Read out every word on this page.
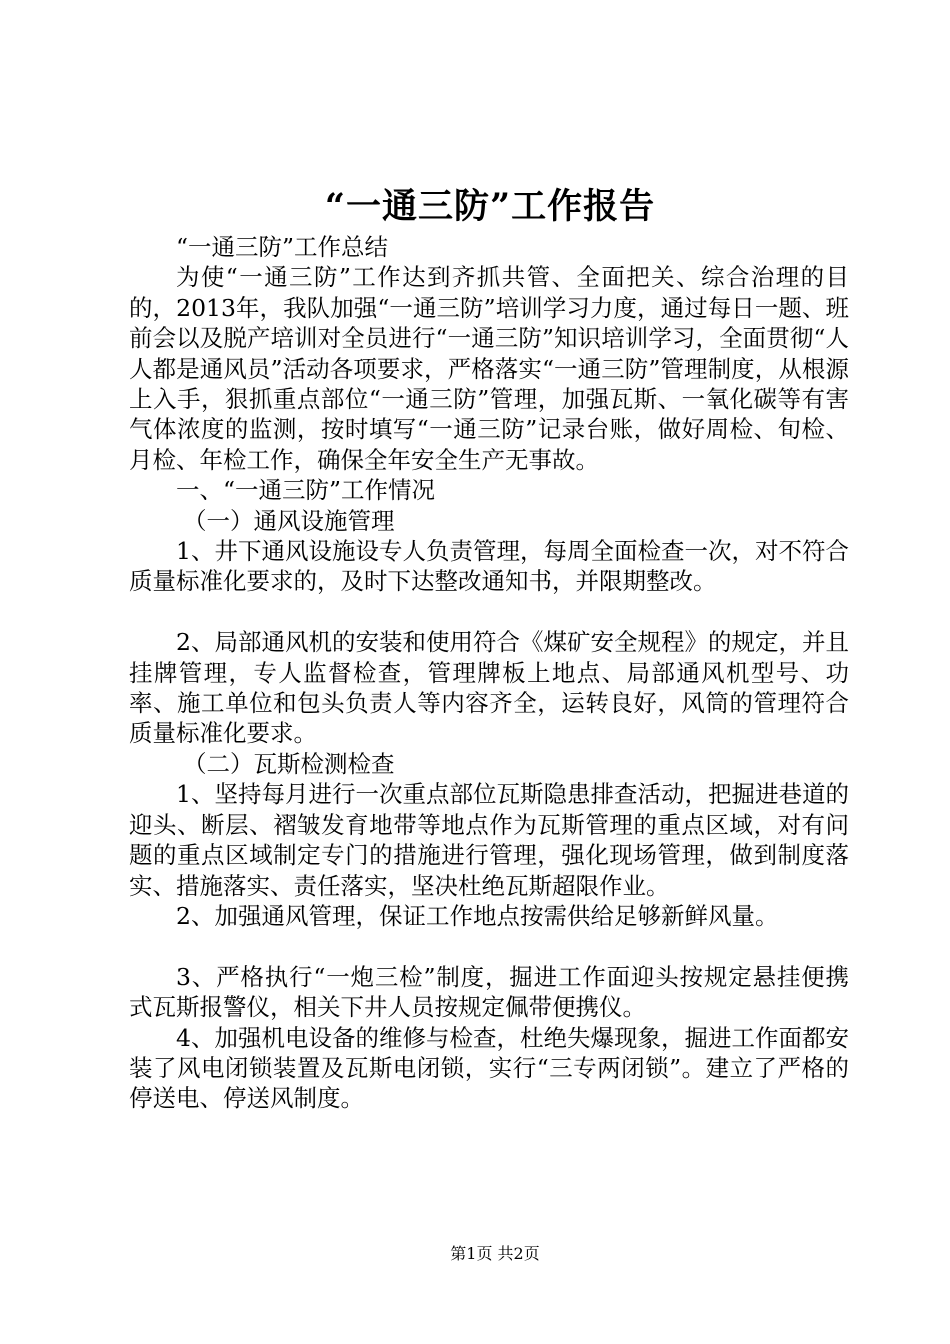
“一通三防”工作报告

“一通三防”工作总结

为使“一通三防”工作达到齐抓共管、全面把关、综合治理的目的，2013年，我队加强“一通三防”培训学习力度，通过每日一题、班前会以及脱产培训对全员进行“一通三防”知识培训学习，全面贯彻“人人都是通风员”活动各项要求，严格落实“一通三防”管理制度，从根源上入手，狠抓重点部位“一通三防”管理，加强瓦斯、一氧化碳等有害气体浓度的监测，按时填写“一通三防”记录台账，做好周检、旬检、月检、年检工作，确保全年安全生产无事故。

一、“一通三防”工作情况

（一）通风设施管理

1、井下通风设施设专人负责管理，每周全面检查一次，对不符合质量标准化要求的，及时下达整改通知书，并限期整改。

2、局部通风机的安装和使用符合《煤矿安全规程》的规定，并且挂牌管理，专人监督检查，管理牌板上地点、局部通风机型号、功率、施工单位和包头负责人等内容齐全，运转良好，风筒的管理符合质量标准化要求。

（二）瓦斯检测检查

1、坚持每月进行一次重点部位瓦斯隐患排查活动，把掘进巷道的迎头、断层、褶皱发育地带等地点作为瓦斯管理的重点区域，对有问题的重点区域制定专门的措施进行管理，强化现场管理，做到制度落实、措施落实、责任落实，坚决杜绝瓦斯超限作业。

2、加强通风管理，保证工作地点按需供给足够新鲜风量。

3、严格执行“一炮三检”制度，掘进工作面迎头按规定悬挂便携式瓦斯报警仪，相关下井人员按规定佩带便携仪。

4、加强机电设备的维修与检查，杜绝失爆现象，掘进工作面都安装了风电闭锁装置及瓦斯电闭锁，实行“三专两闭锁”。建立了严格的停送电、停送风制度。

第1页 共2页
